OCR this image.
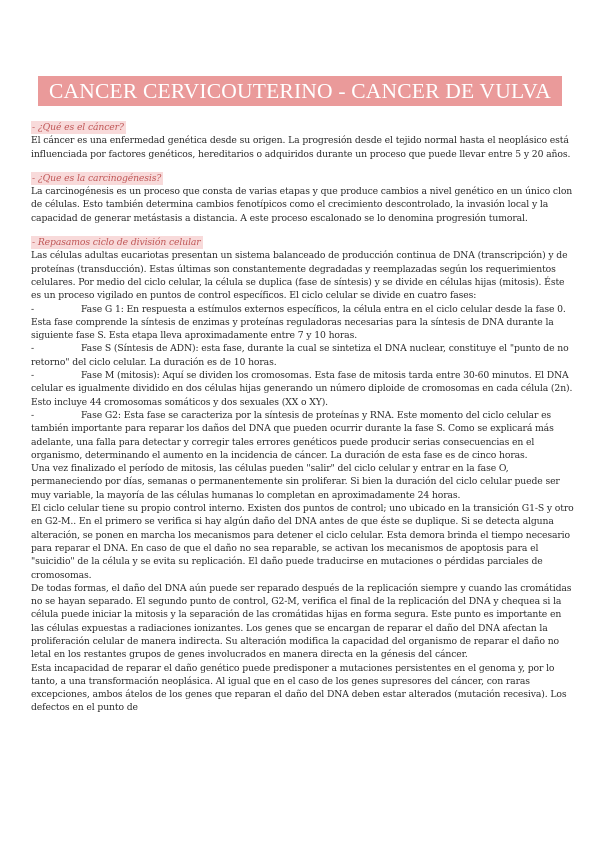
CANCER CERVICOUTERINO - CANCER DE VULVA
- ¿Qué es el cáncer?

El cáncer es una enfermedad genética desde su origen. La progresión desde el tejido normal hasta el neoplásico está influenciada por factores genéticos, hereditarios o adquiridos durante un proceso que puede llevar entre 5 y 20 años.

- ¿Que es la carcinogénesis?

La carcinogénesis es un proceso que consta de varias etapas y que produce cambios a nivel genético en un único clon de células. Esto también determina cambios fenotípicos como el crecimiento descontrolado, la invasión local y la capacidad de generar metástasis a distancia. A este proceso escalonado se lo denomina progresión tumoral.

- Repasamos ciclo de división celular

Las células adultas eucariotas presentan un sistema balanceado de producción continua de DNA (transcripción) y de proteínas (transducción). Estas últimas son constantemente degradadas y reemplazadas según los requerimientos celulares. Por medio del ciclo celular, la célula se duplica (fase de síntesis) y se divide en células hijas (mitosis). Éste es un proceso vigilado en puntos de control específicos. El ciclo celular se divide en cuatro fases:

-	Fase G 1: En respuesta a estímulos externos específicos, la célula entra en el ciclo celular desde la fase 0. Esta fase comprende la síntesis de enzimas y proteínas reguladoras necesarias para la síntesis de DNA durante la siguiente fase S. Esta etapa lleva aproximadamente entre 7 y 10 horas.

-	Fase S (Síntesis de ADN): esta fase, durante la cual se sintetiza el DNA nuclear, constituye el "punto de no retorno" del ciclo celular. La duración es de 10 horas.

-	Fase M (mitosis): Aquí se dividen los cromosomas. Esta fase de mitosis tarda entre 30-60 minutos. El DNA celular es igualmente dividido en dos células hijas generando un número diploide de cromosomas en cada célula (2n). Esto incluye 44 cromosomas somáticos y dos sexuales (XX o XY).

-	Fase G2: Esta fase se caracteriza por la síntesis de proteínas y RNA. Este momento del ciclo celular es también importante para reparar los daños del DNA que pueden ocurrir durante la fase S. Como se explicará más adelante, una falla para detectar y corregir tales errores genéticos puede producir serias consecuencias en el organismo, determinando el aumento en la incidencia de cáncer. La duración de esta fase es de cinco horas.

Una vez finalizado el período de mitosis, las células pueden "salir" del ciclo celular y entrar en la fase O, permaneciendo por días, semanas o permanentemente sin proliferar. Si bien la duración del ciclo celular puede ser muy variable, la mayoría de las células humanas lo completan en aproximadamente 24 horas.

El ciclo celular tiene su propio control interno. Existen dos puntos de control; uno ubicado en la transición G1-S y otro en G2-M.. En el primero se verifica si hay algún daño del DNA antes de que éste se duplique. Si se detecta alguna alteración, se ponen en marcha los mecanismos para detener el ciclo celular. Esta demora brinda el tiempo necesario para reparar el DNA. En caso de que el daño no sea reparable, se activan los mecanismos de apoptosis para el "suicidio" de la célula y se evita su replicación. El daño puede traducirse en mutaciones o pérdidas parciales de cromosomas.

De todas formas, el daño del DNA aún puede ser reparado después de la replicación siempre y cuando las cromátidas no se hayan separado. El segundo punto de control, G2-M, verifica el final de la replicación del DNA y chequea si la célula puede iniciar la mitosis y la separación de las cromátidas hijas en forma segura. Este punto es importante en las células expuestas a radiaciones ionizantes. Los genes que se encargan de reparar el daño del DNA afectan la proliferación celular de manera indirecta. Su alteración modifica la capacidad del organismo de reparar el daño no letal en los restantes grupos de genes involucrados en manera directa en la génesis del cáncer.

Esta incapacidad de reparar el daño genético puede predisponer a mutaciones persistentes en el genoma y, por lo tanto, a una transformación neoplásica. Al igual que en el caso de los genes supresores del cáncer, con raras excepciones, ambos átelos de los genes que reparan el daño del DNA deben estar alterados (mutación recesiva). Los defectos en el punto de
